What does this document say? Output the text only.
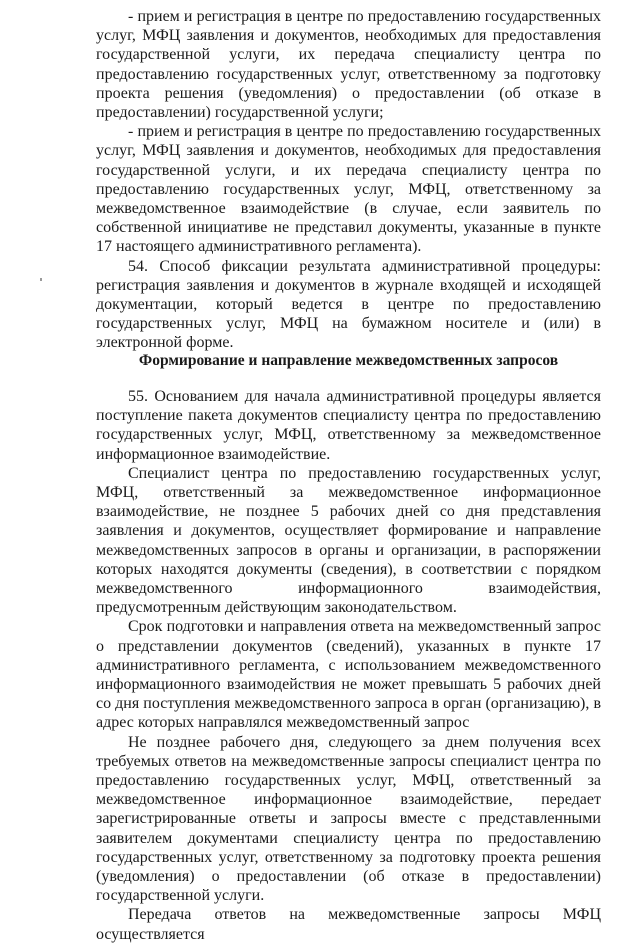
- прием и регистрация в центре по предоставлению государственных услуг, МФЦ заявления и документов, необходимых для предоставления государственной услуги, их передача специалисту центра по предоставлению государственных услуг, ответственному за подготовку проекта решения (уведомления) о предоставлении (об отказе в предоставлении) государственной услуги;

- прием и регистрация в центре по предоставлению государственных услуг, МФЦ заявления и документов, необходимых для предоставления государственной услуги, и их передача специалисту центра по предоставлению государственных услуг, МФЦ, ответственному за межведомственное взаимодействие (в случае, если заявитель по собственной инициативе не представил документы, указанные в пункте 17 настоящего административного регламента).

54. Способ фиксации результата административной процедуры: регистрация заявления и документов в журнале входящей и исходящей документации, который ведется в центре по предоставлению государственных услуг, МФЦ на бумажном носителе и (или) в электронной форме.

Формирование и направление межведомственных запросов

55. Основанием для начала административной процедуры является поступление пакета документов специалисту центра по предоставлению государственных услуг, МФЦ, ответственному за межведомственное информационное взаимодействие.

Специалист центра по предоставлению государственных услуг, МФЦ, ответственный за межведомственное информационное взаимодействие, не позднее 5 рабочих дней со дня представления заявления и документов, осуществляет формирование и направление межведомственных запросов в органы и организации, в распоряжении которых находятся документы (сведения), в соответствии с порядком межведомственного информационного взаимодействия, предусмотренным действующим законодательством.

Срок подготовки и направления ответа на межведомственный запрос о представлении документов (сведений), указанных в пункте 17 административного регламента, с использованием межведомственного информационного взаимодействия не может превышать 5 рабочих дней со дня поступления межведомственного запроса в орган (организацию), в адрес которых направлялся межведомственный запрос

Не позднее рабочего дня, следующего за днем получения всех требуемых ответов на межведомственные запросы специалист центра по предоставлению государственных услуг, МФЦ, ответственный за межведомственное информационное взаимодействие, передает зарегистрированные ответы и запросы вместе с представленными заявителем документами специалисту центра по предоставлению государственных услуг, ответственному за подготовку проекта решения (уведомления) о предоставлении (об отказе в предоставлении) государственной услуги.

Передача ответов на межведомственные запросы МФЦ осуществляется
